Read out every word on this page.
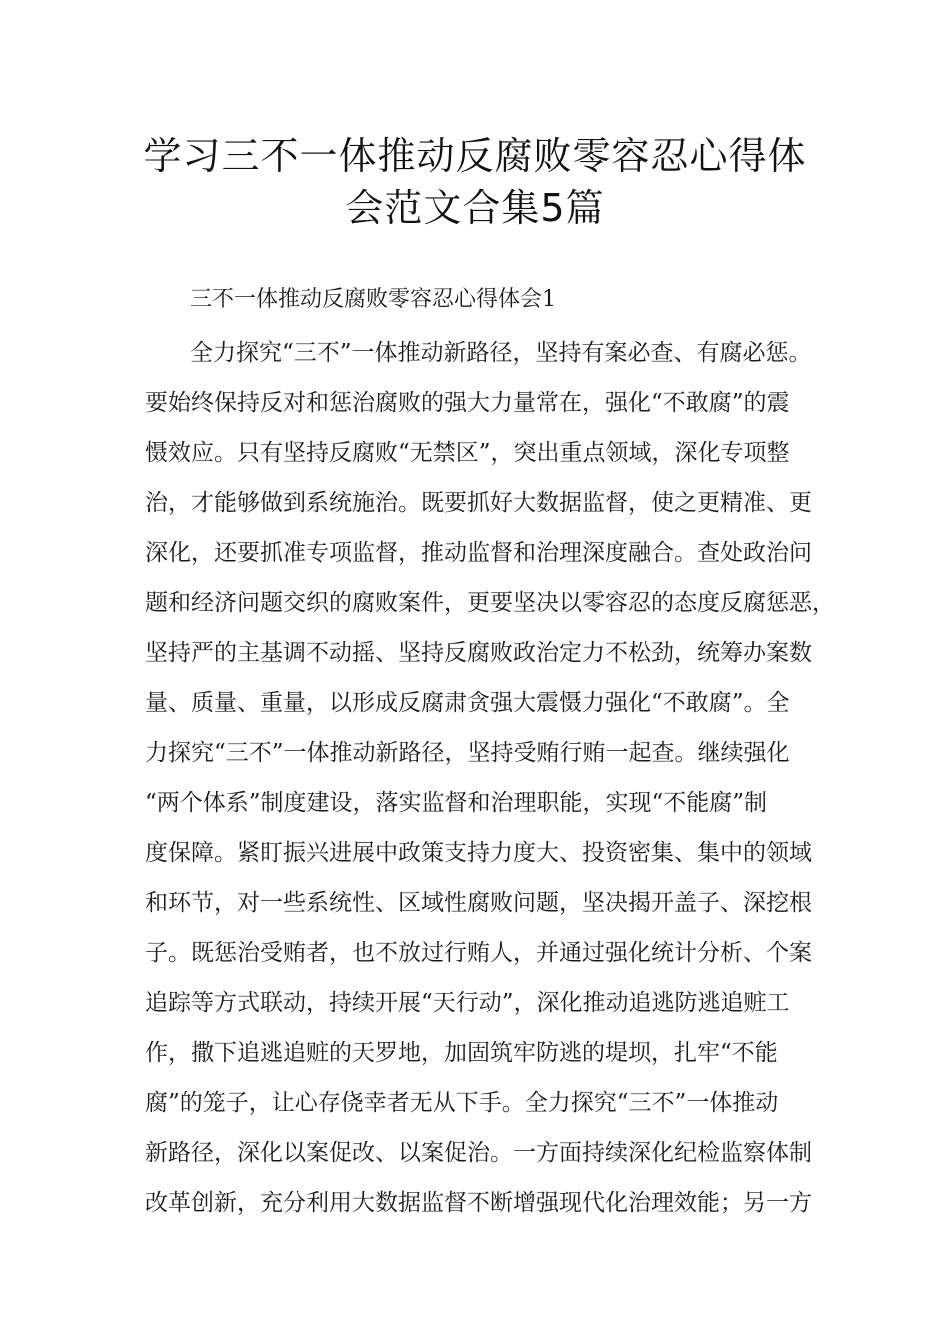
学习三不一体推动反腐败零容忍心得体
会范文合集5篇

三不一体推动反腐败零容忍心得体会1

全力探究“三不”一体推动新路径，坚持有案必查、有腐必惩。

要始终保持反对和惩治腐败的强大力量常在，强化“不敢腐”的震

慑效应。只有坚持反腐败“无禁区”，突出重点领域，深化专项整

治，才能够做到系统施治。既要抓好大数据监督，使之更精准、更

深化，还要抓准专项监督，推动监督和治理深度融合。查处政治问

题和经济问题交织的腐败案件，更要坚决以零容忍的态度反腐惩恶，

坚持严的主基调不动摇、坚持反腐败政治定力不松劲，统筹办案数

量、质量、重量，以形成反腐肃贪强大震慑力强化“不敢腐”。全

力探究“三不”一体推动新路径，坚持受贿行贿一起查。继续强化

“两个体系”制度建设，落实监督和治理职能，实现“不能腐”制

度保障。紧盯振兴进展中政策支持力度大、投资密集、集中的领域

和环节，对一些系统性、区域性腐败问题，坚决揭开盖子、深挖根

子。既惩治受贿者，也不放过行贿人，并通过强化统计分析、个案

追踪等方式联动，持续开展“天行动”，深化推动追逃防逃追赃工

作，撒下追逃追赃的天罗地，加固筑牢防逃的堤坝，扎牢“不能

腐”的笼子，让心存侥幸者无从下手。全力探究“三不”一体推动

新路径，深化以案促改、以案促治。一方面持续深化纪检监察体制

改革创新，充分利用大数据监督不断增强现代化治理效能；另一方
